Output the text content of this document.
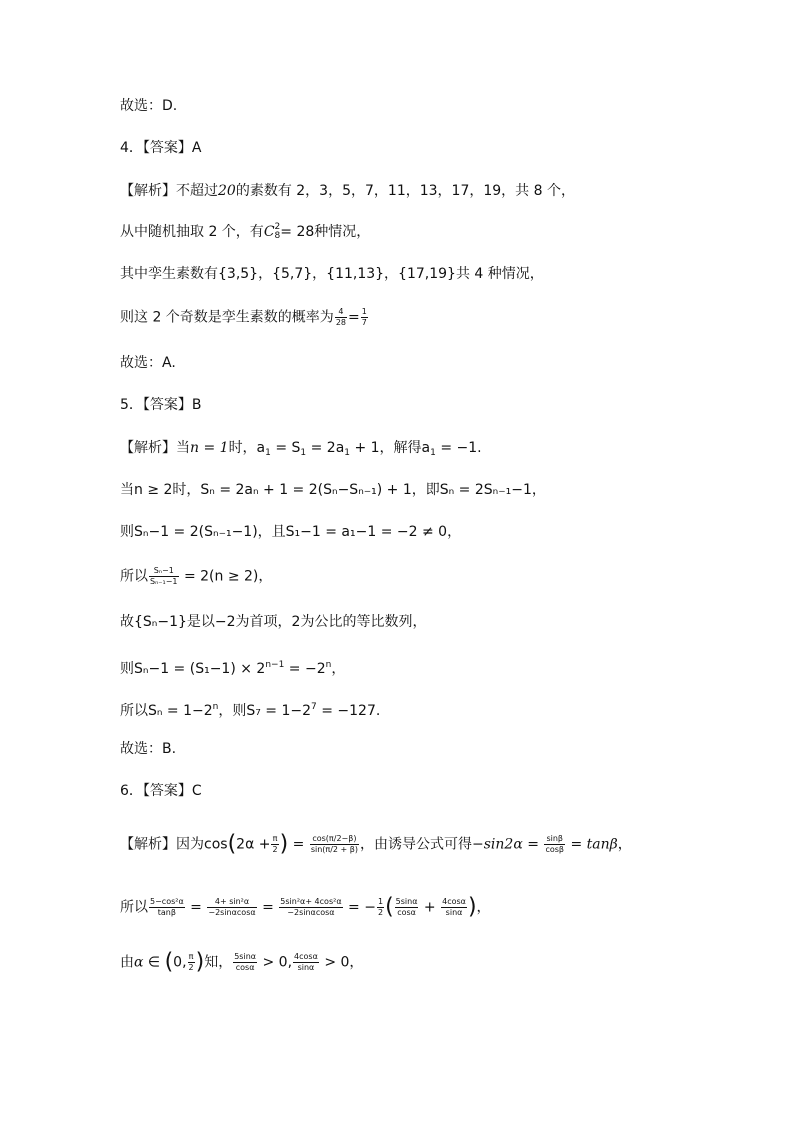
故选：D.
4．【答案】A
【解析】不超过20的素数有 2，3，5，7，11，13，17，19，共 8 个，
从中随机抽取 2 个，有C 2
8 = 28种情况，
其中孪生素数有{3,5}，{5,7}，{11,13}，{17,19}共 4 种情况，
则这 2 个奇数是孪生素数的概率为 $\frac{4}{28} = \frac{1}{7}$
故选：A.
5．【答案】B
【解析】当n = 1时，$a_1 = S_1 = 2a_1 + 1$，解得$a_1 = -1$.
当n ≥ 2时，Sₙ = 2aₙ + 1 = 2(Sₙ−Sₙ₋₁) + 1，即Sₙ = 2Sₙ₋₁−1，
则Sₙ−1 = 2(Sₙ₋₁−1)，且S₁−1 = a₁−1 = −2 ≠ 0，
所以 $\frac{\text{Sₙ−1}}{\text{Sₙ₋₁−1}} = 2(n \ge 2)$，
故{Sₙ−1}是以−2为首项，2为公比的等比数列，
则$S_n-1 = (S_1-1) \times 2^{n-1} = -2^n$，
所以$S_n = 1-2^n$，则$S_7 = 1-2^7 = -127$.
故选：B.
6．【答案】C
【解析】因为$\cos(2\alpha + \frac{\pi}{2}$ ) = $\frac{\cos(\pi/2-\beta)}{\sin(\pi/2 + \beta)}$ ，由诱导公式可得$-\sin 2\alpha = \frac{\sin\beta}{\cos\beta} = \tan\beta$，
所以 $\frac{\text{5−cos²α}}{\tan\beta} = \frac{\text{4+ sin²α}}{-2\sin\alpha\cos\alpha} = \frac{\text{5sin²α+ 4cos²α}}{-2\sin\alpha\cos\alpha}$ = − $\frac{1}{2}$ ( $\frac{5\sin\alpha}{\cos\alpha} + \frac{4\cos\alpha}{\sin\alpha}$ )，
由α ∈ (0, $\frac{\pi}{2}$ )知， $\frac{5\sin\alpha}{\cos\alpha} > 0$, $\frac{4\cos\alpha}{\sin\alpha} > 0$，
